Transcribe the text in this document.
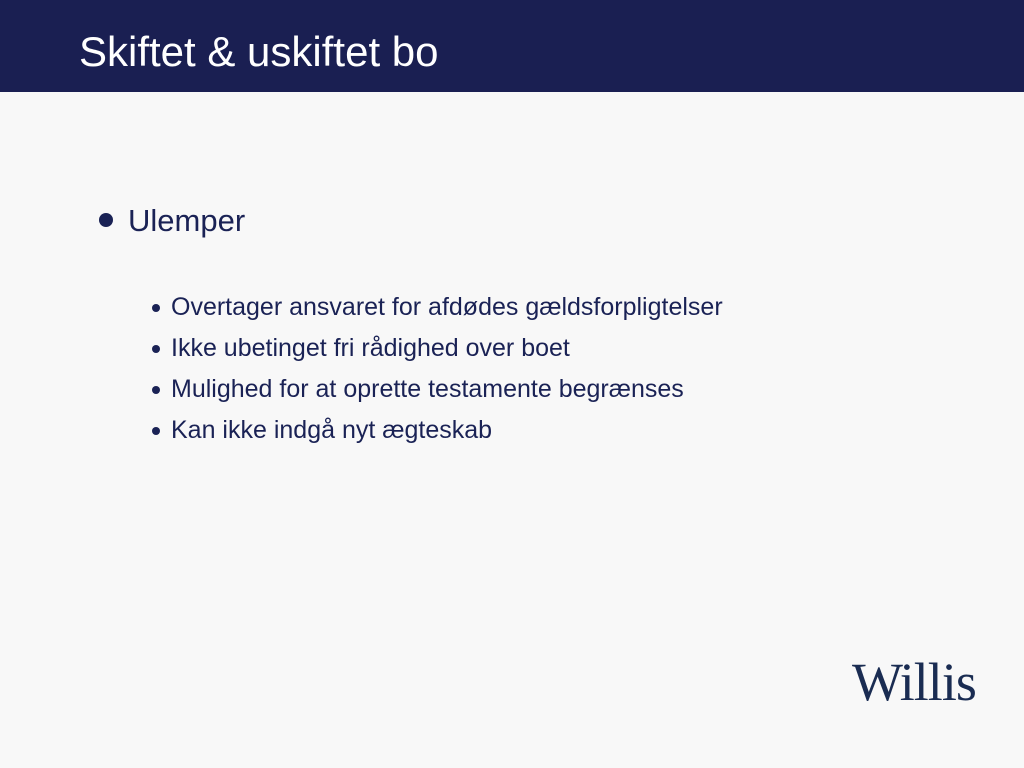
Skiftet & uskiftet bo
Ulemper
Overtager ansvaret for afdødes gældsforpligtelser
Ikke ubetinget fri rådighed over boet
Mulighed for at oprette testamente begrænses
Kan ikke indgå nyt ægteskab
Willis
